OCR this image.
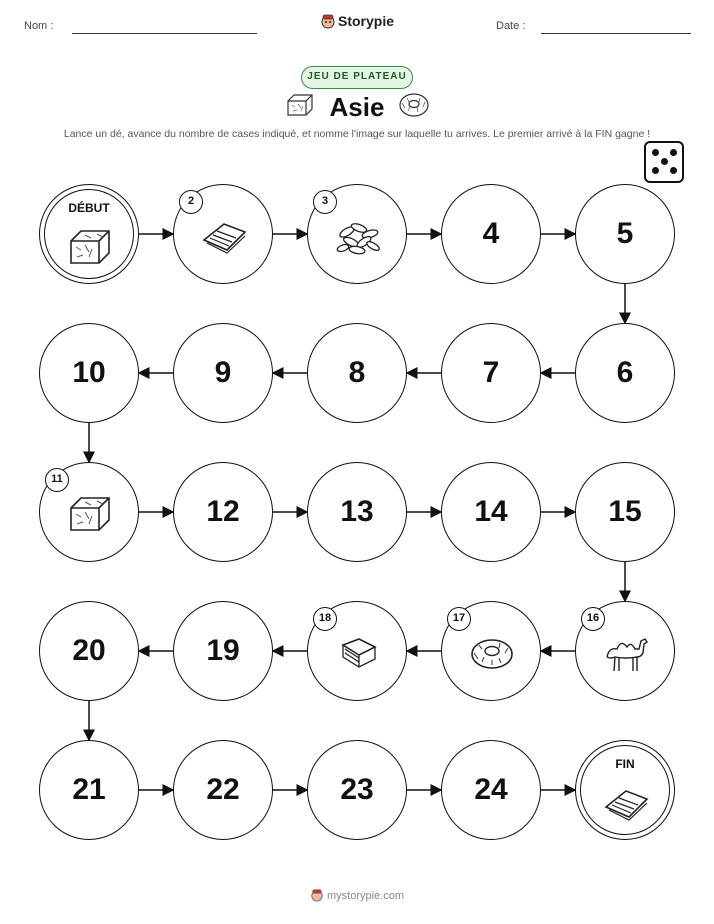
Nom :	Date :
Storypie
JEU DE PLATEAU
Asie
Lance un dé, avance du nombre de cases indiqué, et nomme l'image sur laquelle tu arrives. Le premier arrivé à la FIN gagne !
FIN
24
23
22
21
20	19
15
14
13
12
10	9	8	7	6
5
4
DÉBUT	2	3
11
16
17
18
mystorypie.com
